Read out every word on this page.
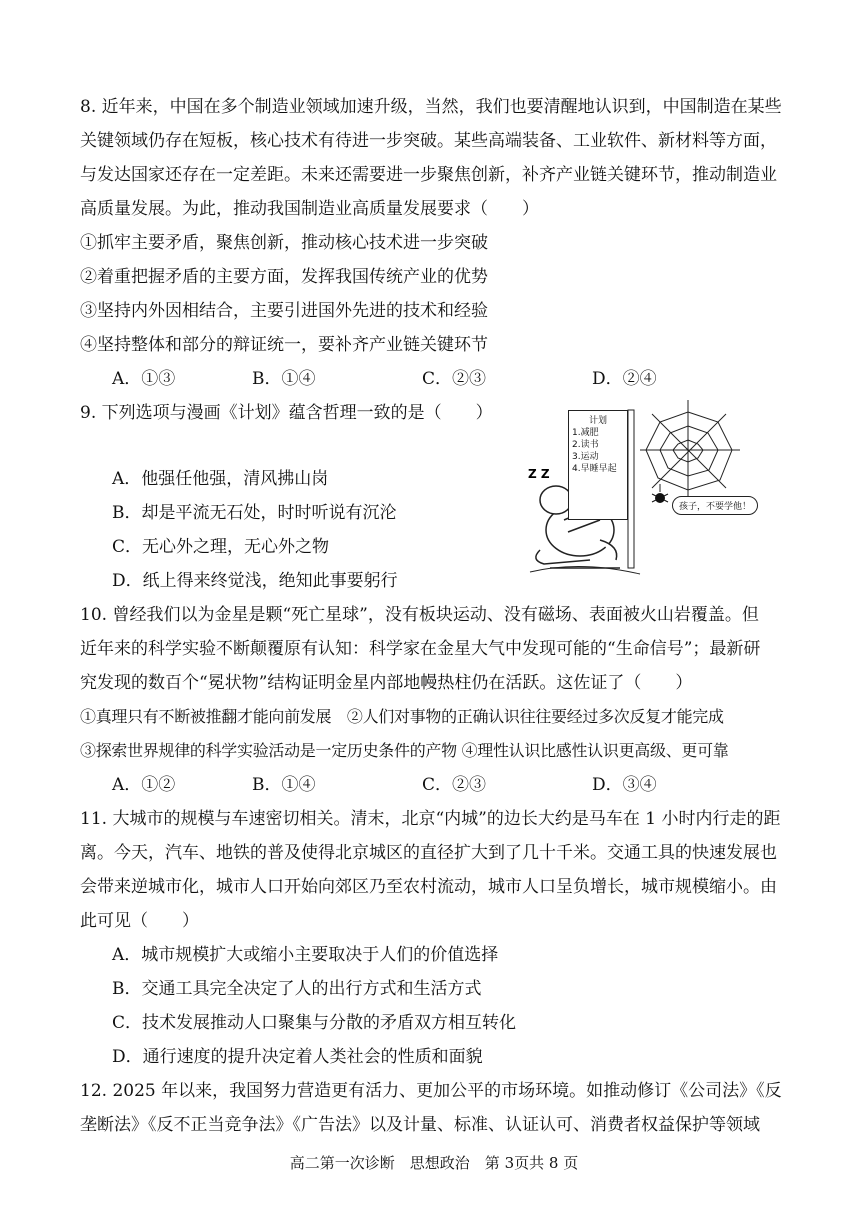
8. 近年来，中国在多个制造业领域加速升级，当然，我们也要清醒地认识到，中国制造在某些
关键领域仍存在短板，核心技术有待进一步突破。某些高端装备、工业软件、新材料等方面，
与发达国家还存在一定差距。未来还需要进一步聚焦创新，补齐产业链关键环节，推动制造业
高质量发展。为此，推动我国制造业高质量发展要求（　　）
①抓牢主要矛盾，聚焦创新，推动核心技术进一步突破
②着重把握矛盾的主要方面，发挥我国传统产业的优势
③坚持内外因相结合，主要引进国外先进的技术和经验
④坚持整体和部分的辩证统一，要补齐产业链关键环节
A．①③	B．①④	C．②③	D．②④
9. 下列选项与漫画《计划》蕴含哲理一致的是（　　）
A．他强任他强，清风拂山岗
B．却是平流无石处，时时听说有沉沦
C．无心外之理，无心外之物
D．纸上得来终觉浅，绝知此事要躬行
Z Z
计划
1.减肥
2.读书
3.运动
4.早睡早起
孩子，不要学他！
10. 曾经我们以为金星是颗“死亡星球”，没有板块运动、没有磁场、表面被火山岩覆盖。但
近年来的科学实验不断颠覆原有认知：科学家在金星大气中发现可能的“生命信号”；最新研
究发现的数百个“冕状物”结构证明金星内部地幔热柱仍在活跃。这佐证了（　　）
①真理只有不断被推翻才能向前发展　②人们对事物的正确认识往往要经过多次反复才能完成
③探索世界规律的科学实验活动是一定历史条件的产物 ④理性认识比感性认识更高级、更可靠
A．①②	B．①④	C．②③	D．③④
11. 大城市的规模与车速密切相关。清末，北京“内城”的边长大约是马车在 1 小时内行走的距
离。今天，汽车、地铁的普及使得北京城区的直径扩大到了几十千米。交通工具的快速发展也
会带来逆城市化，城市人口开始向郊区乃至农村流动，城市人口呈负增长，城市规模缩小。由
此可见（　　）
A．城市规模扩大或缩小主要取决于人们的价值选择
B．交通工具完全决定了人的出行方式和生活方式
C．技术发展推动人口聚集与分散的矛盾双方相互转化
D．通行速度的提升决定着人类社会的性质和面貌
12. 2025 年以来，我国努力营造更有活力、更加公平的市场环境。如推动修订《公司法》《反
垄断法》《反不正当竞争法》《广告法》以及计量、标准、认证认可、消费者权益保护等领域
高二第一次诊断　思想政治　第 3页共 8 页
